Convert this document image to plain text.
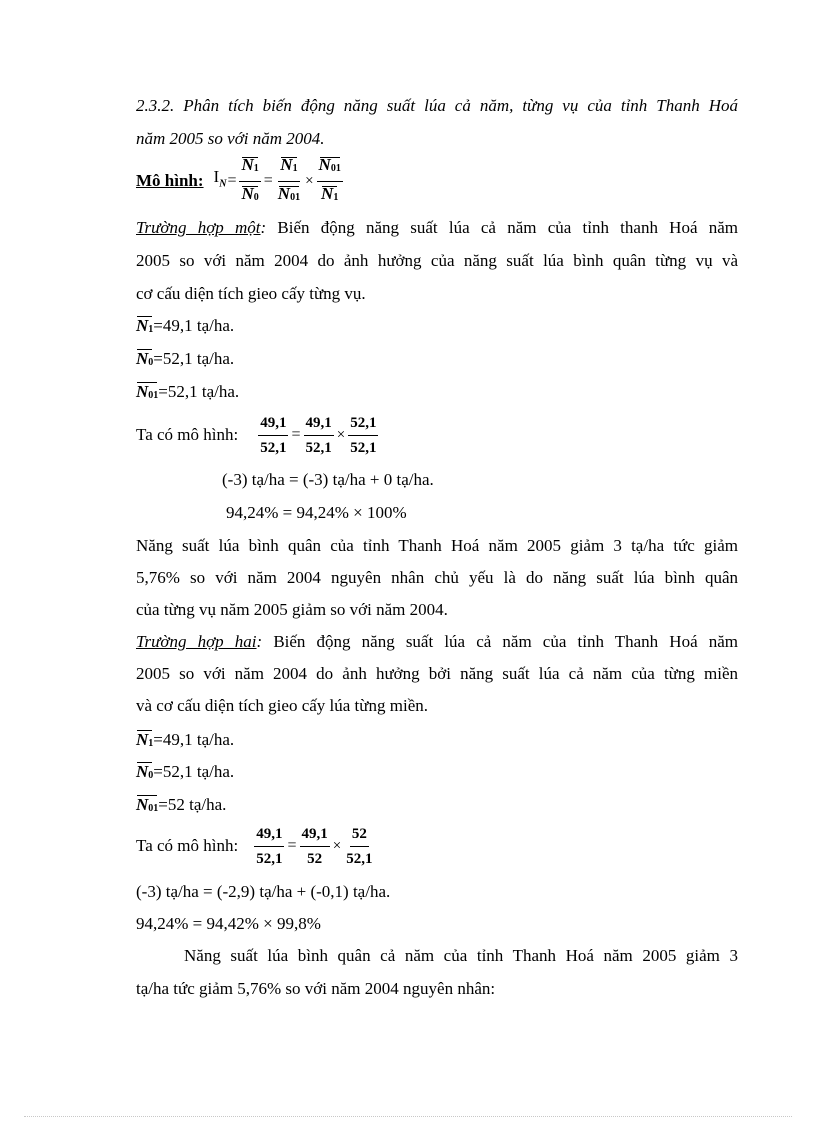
2.3.2. Phân tích biến động năng suất lúa cả năm, từng vụ của tỉnh Thanh Hoá
năm 2005 so với năm 2004.
Mô hình: $I_N = \frac{N_1}{N_0} = \frac{N_1}{N_{01}} \times \frac{N_{01}}{N_1}$
Trường hợp một: Biến động năng suất lúa cả năm của tỉnh thanh Hoá năm
2005 so với năm 2004 do ảnh hưởng của năng suất lúa bình quân từng vụ và
cơ cấu diện tích gieo cấy từng vụ.
$N_1=49,1$ tạ/ha.
$N_0=52,1$ tạ/ha.
$N_{01}=52,1$ tạ/ha.
Ta có mô hình: $\frac{49,1}{52,1} = \frac{49,1}{52,1} \times \frac{52,1}{52,1}$
(-3) tạ/ha = (-3) tạ/ha + 0 tạ/ha.
94,24% = 94,24% × 100%
Năng suất lúa bình quân của tỉnh Thanh Hoá năm 2005 giảm 3 tạ/ha tức giảm
5,76% so với năm 2004 nguyên nhân chủ yếu là do năng suất lúa bình quân
của từng vụ năm 2005 giảm so với năm 2004.
Trường hợp hai: Biến động năng suất lúa cả năm của tỉnh Thanh Hoá năm
2005 so với năm 2004 do ảnh hưởng bởi năng suất lúa cả năm của từng miền
và cơ cấu diện tích gieo cấy lúa từng miền.
$N_1=49,1$ tạ/ha.
$N_0=52,1$ tạ/ha.
$N_{01}=52$ tạ/ha.
Ta có mô hình: $\frac{49,1}{52,1} = \frac{49,1}{52} \times \frac{52}{52,1}$
(-3) tạ/ha = (-2,9) tạ/ha + (-0,1) tạ/ha.
94,24% = 94,42% × 99,8%
Năng suất lúa bình quân cả năm của tỉnh Thanh Hoá năm 2005 giảm 3
tạ/ha tức giảm 5,76% so với năm 2004 nguyên nhân:
